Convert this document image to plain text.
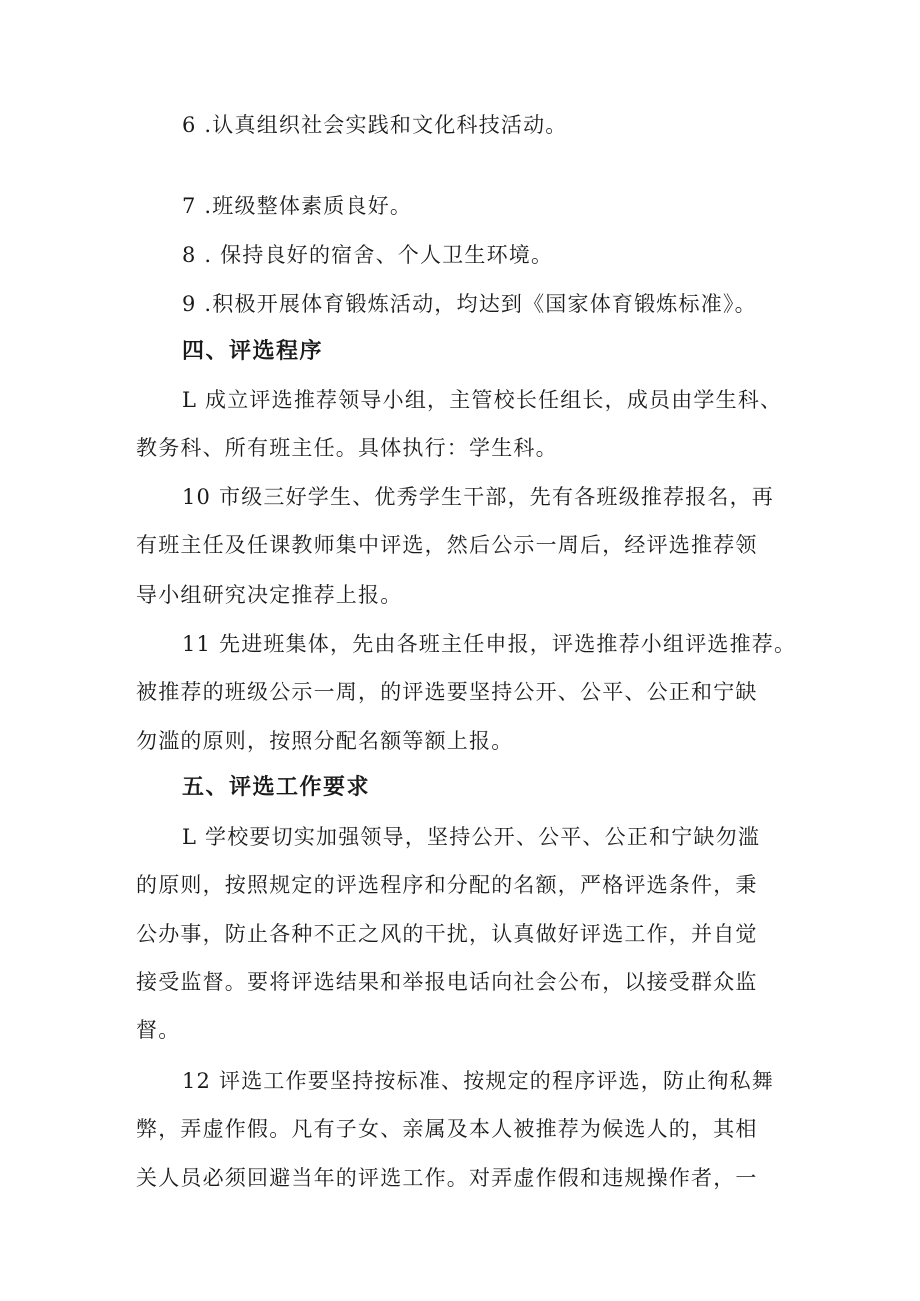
6 .认真组织社会实践和文化科技活动。
7 .班级整体素质良好。
8 . 保持良好的宿舍、个人卫生环境。
9 .积极开展体育锻炼活动，均达到《国家体育锻炼标准》。
四、评选程序
L 成立评选推荐领导小组，主管校长任组长，成员由学生科、
教务科、所有班主任。具体执行：学生科。
10 市级三好学生、优秀学生干部，先有各班级推荐报名，再
有班主任及任课教师集中评选，然后公示一周后，经评选推荐领
导小组研究决定推荐上报。
11 先进班集体，先由各班主任申报，评选推荐小组评选推荐。
被推荐的班级公示一周，的评选要坚持公开、公平、公正和宁缺
勿滥的原则，按照分配名额等额上报。
五、评选工作要求
L 学校要切实加强领导，坚持公开、公平、公正和宁缺勿滥
的原则，按照规定的评选程序和分配的名额，严格评选条件，秉
公办事，防止各种不正之风的干扰，认真做好评选工作，并自觉
接受监督。要将评选结果和举报电话向社会公布，以接受群众监
督。
12 评选工作要坚持按标准、按规定的程序评选，防止徇私舞
弊，弄虚作假。凡有子女、亲属及本人被推荐为候选人的，其相
关人员必须回避当年的评选工作。对弄虚作假和违规操作者，一
